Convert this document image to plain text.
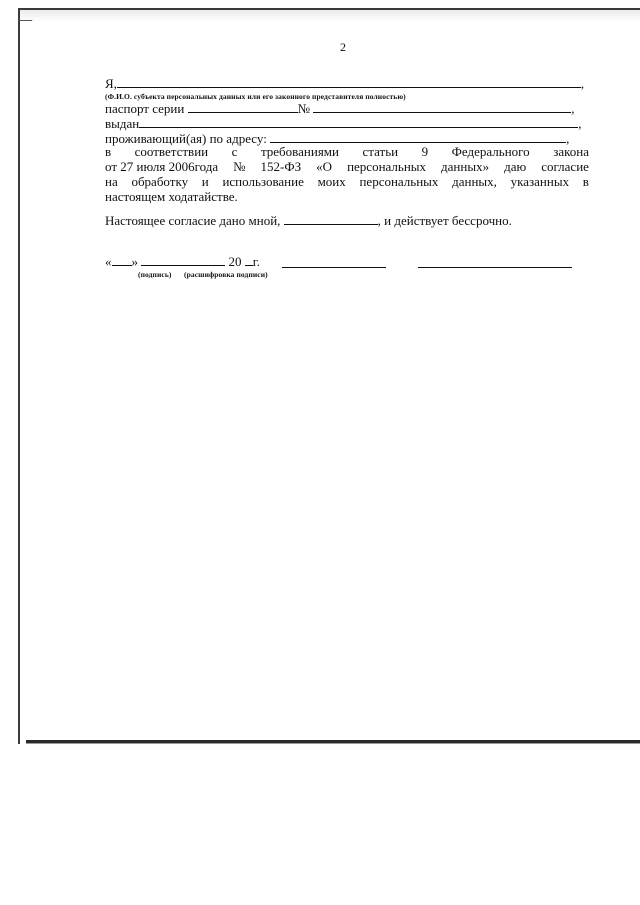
2
Я,	,
(Ф.И.О. субъекта персональных данных или его законного представителя полностью)
паспорт серии	№	,
выдан	,
проживающий(ая) по адресу:	,
в соответствии с требованиями статьи 9 Федерального закона
от 27 июля 2006года № 152-ФЗ «О персональных данных» даю согласие
на обработку и использование моих персональных данных, указанных в
настоящем ходатайстве.
Настоящее согласие дано мной,	, и действует бессрочно.
« »	20 г.
(подпись) (расшифровка подписи)
